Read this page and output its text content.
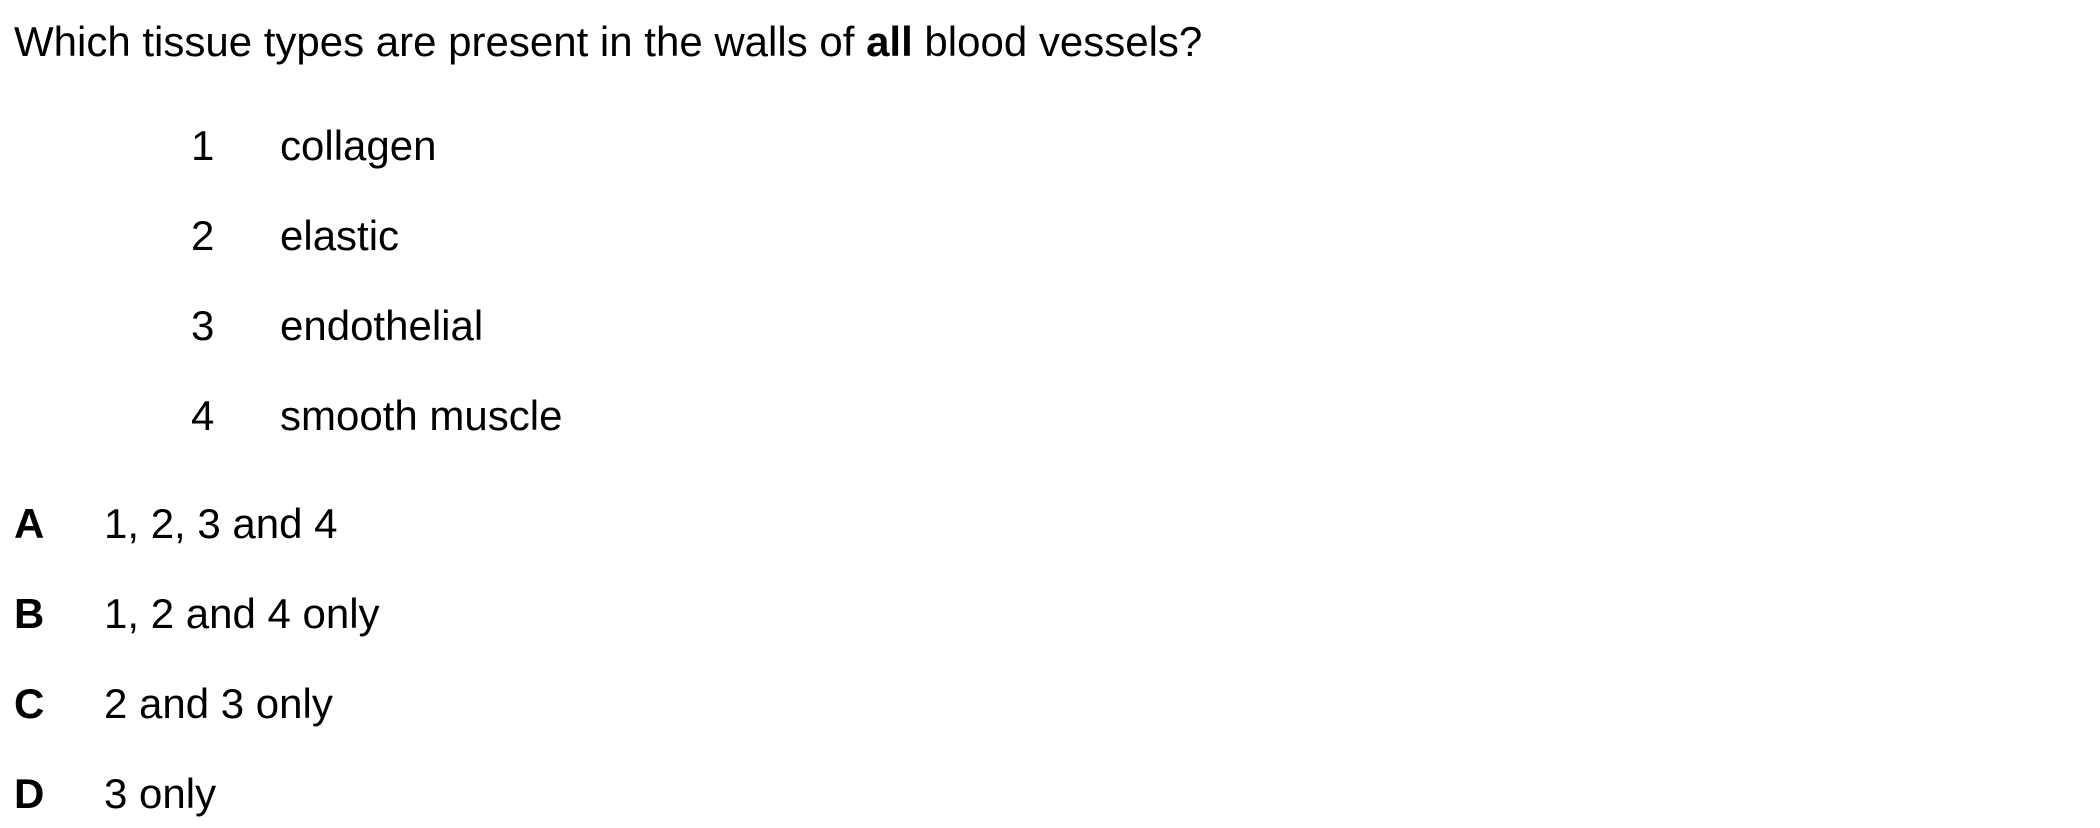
Which tissue types are present in the walls of all blood vessels?
1	collagen
2	elastic
3	endothelial
4	smooth muscle
A 1, 2, 3 and 4
B 1, 2 and 4 only
C 2 and 3 only
D 3 only
